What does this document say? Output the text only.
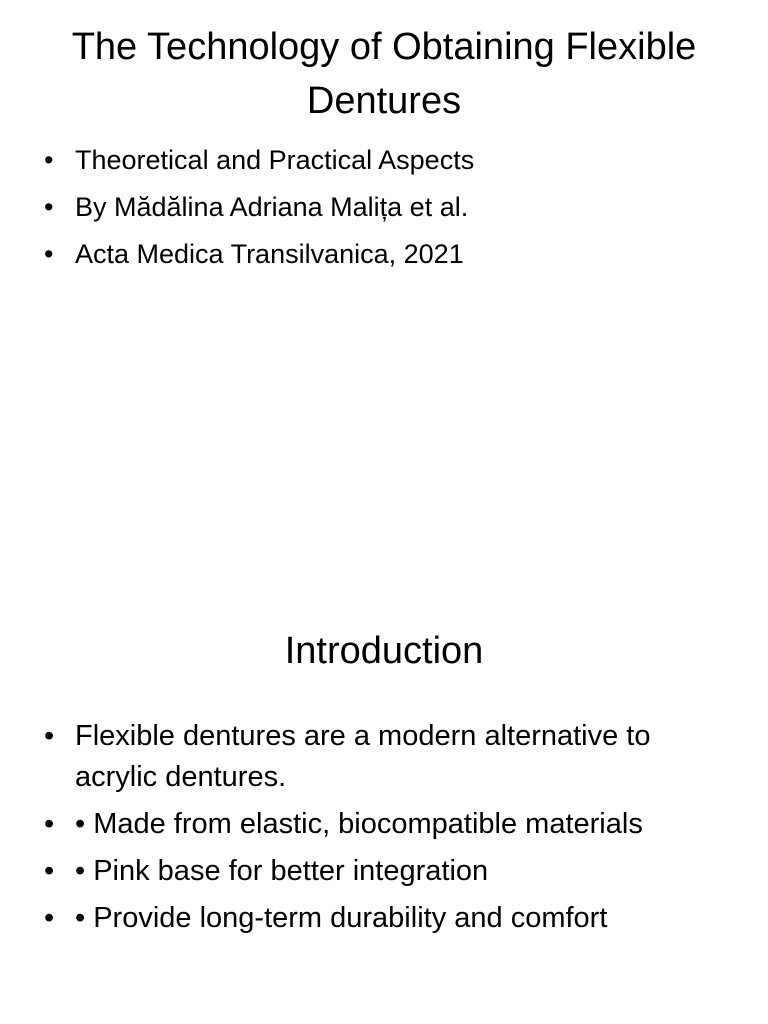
The Technology of Obtaining Flexible Dentures
• Theoretical and Practical Aspects
• By Mădălina Adriana Malița et al.
• Acta Medica Transilvanica, 2021
Introduction
• Flexible dentures are a modern alternative to acrylic dentures.
• • Made from elastic, biocompatible materials
• • Pink base for better integration
• • Provide long-term durability and comfort
